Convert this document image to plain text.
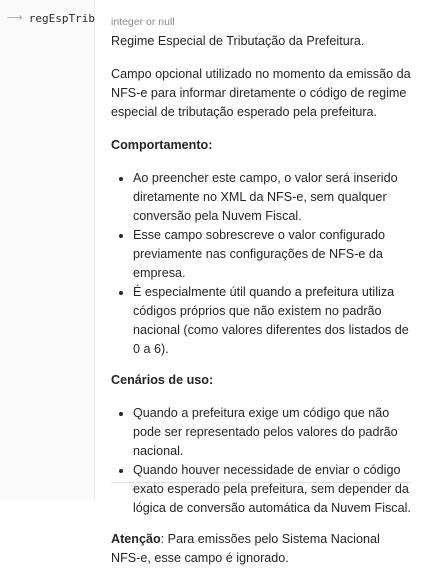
⟶ regEspTrib integer or null

Regime Especial de Tributação da Prefeitura.

Campo opcional utilizado no momento da emissão da NFS-e para informar diretamente o código de regime especial de tributação esperado pela prefeitura.

Comportamento:
• Ao preencher este campo, o valor será inserido diretamente no XML da NFS-e, sem qualquer conversão pela Nuvem Fiscal.
• Esse campo sobrescreve o valor configurado previamente nas configurações de NFS-e da empresa.
• É especialmente útil quando a prefeitura utiliza códigos próprios que não existem no padrão nacional (como valores diferentes dos listados de 0 a 6).
Cenários de uso:
• Quando a prefeitura exige um código que não pode ser representado pelos valores do padrão nacional.
• Quando houver necessidade de enviar o código exato esperado pela prefeitura, sem depender da lógica de conversão automática da Nuvem Fiscal.

Atenção: Para emissões pelo Sistema Nacional NFS-e, esse campo é ignorado.
